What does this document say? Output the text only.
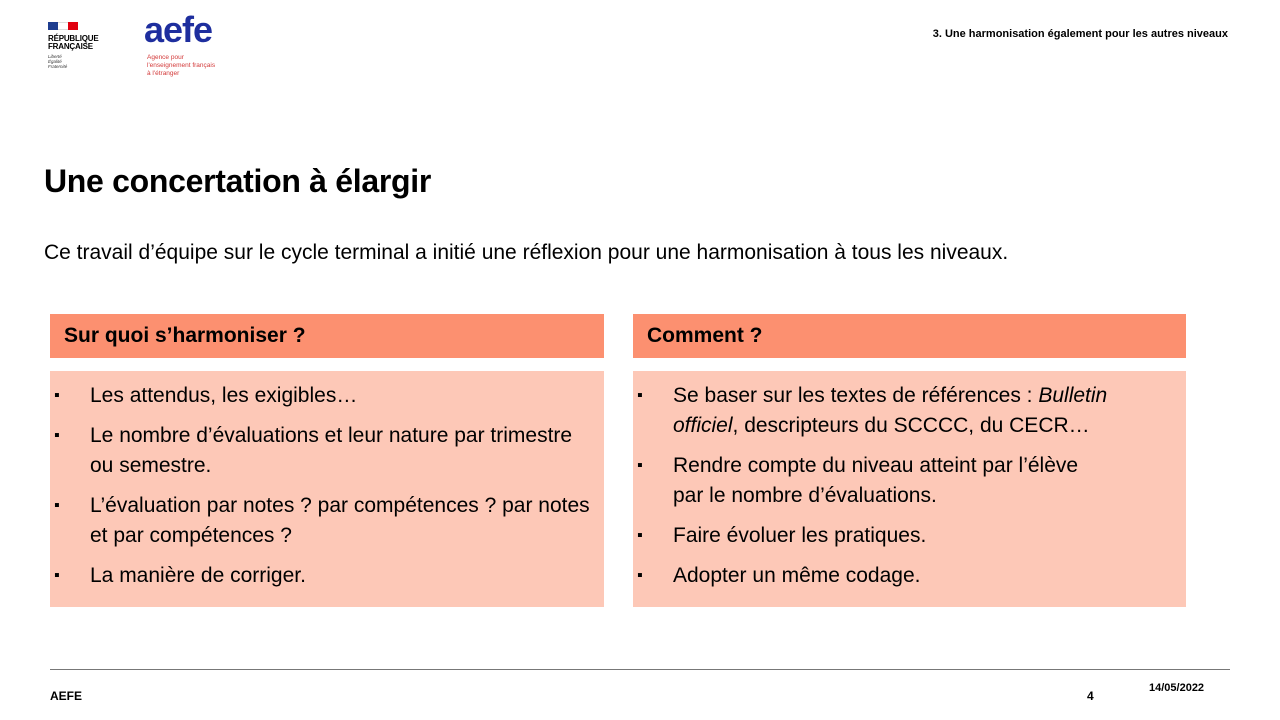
RÉPUBLIQUE
FRANÇAISE
Liberté
Égalité
Fraternité
aefe
Agence pour
l'enseignement français
à l'étranger
3. Une harmonisation également pour les autres niveaux
Une concertation à élargir
Ce travail d’équipe sur le cycle terminal a initié une réflexion pour une harmonisation à tous les niveaux.
Sur quoi s’harmoniser ?
▪ Les attendus, les exigibles…
▪ Le nombre d’évaluations et leur nature par trimestre ou semestre.
▪ L’évaluation par notes ? par compétences ? par notes et par compétences ?
▪ La manière de corriger.
Comment ?
▪ Se baser sur les textes de références : Bulletin
officiel, descripteurs du SCCCC, du CECR…
▪ Rendre compte du niveau atteint par l’élève
par le nombre d’évaluations.
▪ Faire évoluer les pratiques.
▪ Adopter un même codage.
AEFE	4
14/05/2022
